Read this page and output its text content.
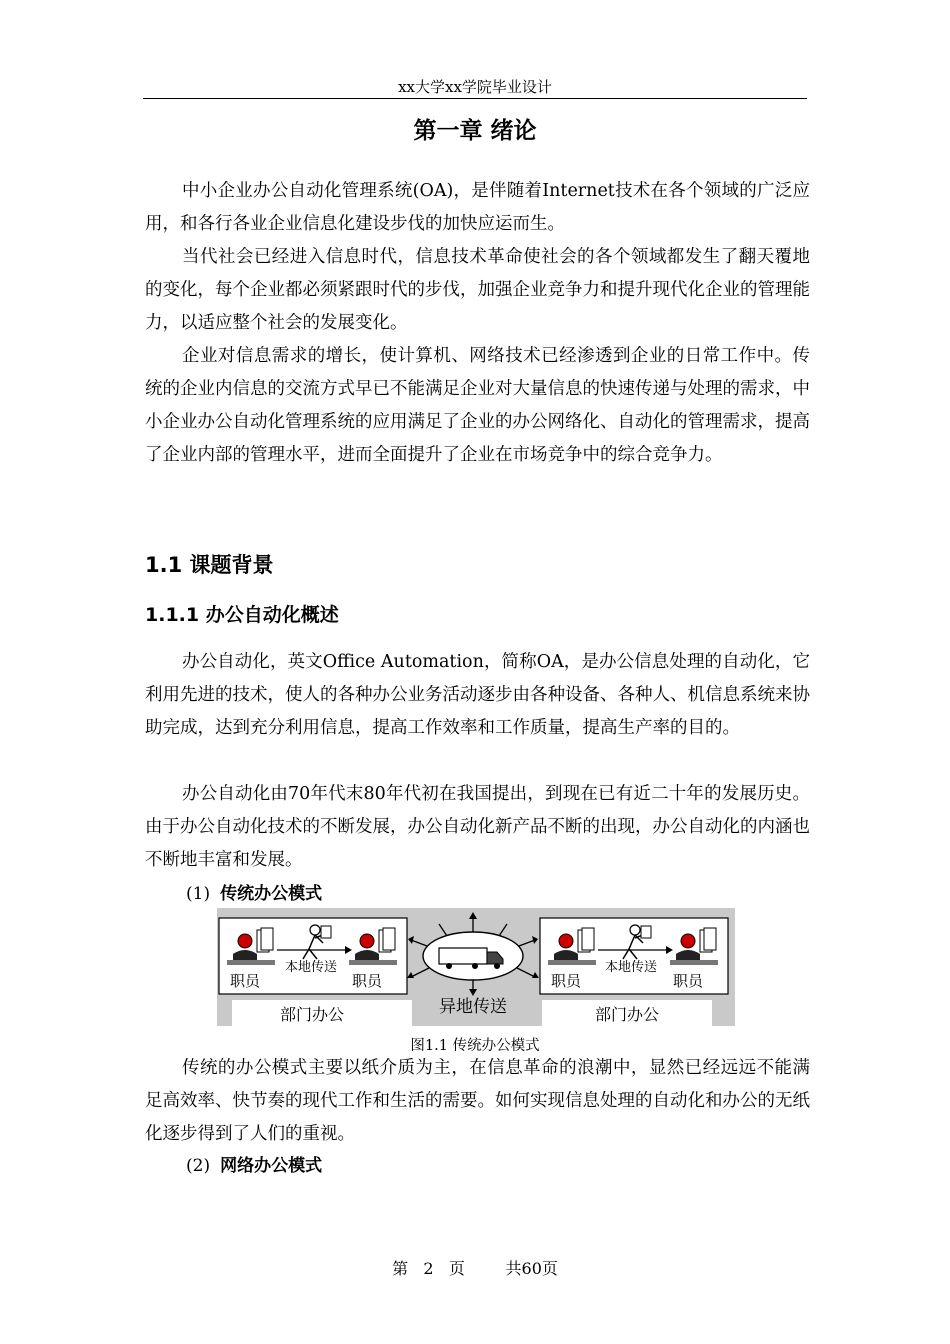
xx大学xx学院毕业设计
第一章 绪论

中小企业办公自动化管理系统(OA)，是伴随着Internet技术在各个领域的广泛应用，和各行各业企业信息化建设步伐的加快应运而生。

当代社会已经进入信息时代，信息技术革命使社会的各个领域都发生了翻天覆地的变化，每个企业都必须紧跟时代的步伐，加强企业竞争力和提升现代化企业的管理能力，以适应整个社会的发展变化。

企业对信息需求的增长，使计算机、网络技术已经渗透到企业的日常工作中。传统的企业内信息的交流方式早已不能满足企业对大量信息的快速传递与处理的需求，中小企业办公自动化管理系统的应用满足了企业的办公网络化、自动化的管理需求，提高了企业内部的管理水平，进而全面提升了企业在市场竞争中的综合竞争力。

1.1 课题背景
1.1.1 办公自动化概述

办公自动化，英文Office Automation，简称OA，是办公信息处理的自动化，它利用先进的技术，使人的各种办公业务活动逐步由各种设备、各种人、机信息系统来协助完成，达到充分利用信息，提高工作效率和工作质量，提高生产率的目的。

办公自动化由70年代末80年代初在我国提出，到现在已有近二十年的发展历史。由于办公自动化技术的不断发展，办公自动化新产品不断的出现，办公自动化的内涵也不断地丰富和发展。

(1) 传统办公模式
本地传送
职员	职员
部门办公	异地传送
本地传送
职员	职员
部门办公
图1.1 传统办公模式

传统的办公模式主要以纸介质为主，在信息革命的浪潮中，显然已经远远不能满足高效率、快节奏的现代工作和生活的需要。如何实现信息处理的自动化和办公的无纸化逐步得到了人们的重视。

(2) 网络办公模式
第 2 页	共60页
